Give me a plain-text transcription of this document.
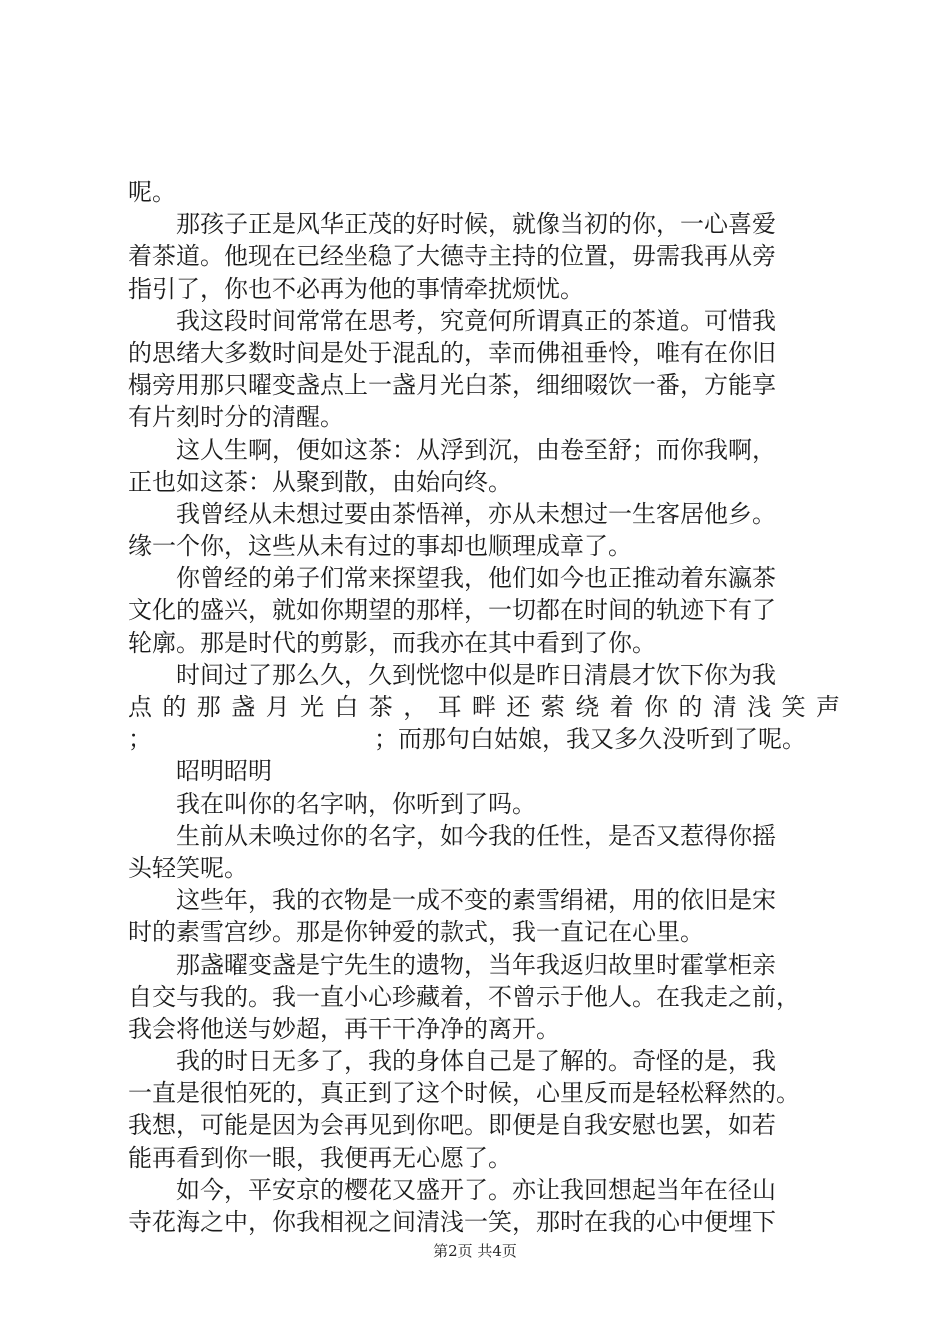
呢。
那孩子正是风华正茂的好时候，就像当初的你，一心喜爱
着茶道。他现在已经坐稳了大德寺主持的位置，毋需我再从旁
指引了，你也不必再为他的事情牵扰烦忧。
我这段时间常常在思考，究竟何所谓真正的茶道。可惜我
的思绪大多数时间是处于混乱的，幸而佛祖垂怜，唯有在你旧
榻旁用那只曜变盏点上一盏月光白茶，细细啜饮一番，方能享
有片刻时分的清醒。
这人生啊，便如这茶：从浮到沉，由卷至舒；而你我啊，
正也如这茶：从聚到散，由始向终。
我曾经从未想过要由茶悟禅，亦从未想过一生客居他乡。
缘一个你，这些从未有过的事却也顺理成章了。
你曾经的弟子们常来探望我，他们如今也正推动着东瀛茶
文化的盛兴，就如你期望的那样，一切都在时间的轨迹下有了
轮廓。那是时代的剪影，而我亦在其中看到了你。
时间过了那么久，久到恍惚中似是昨日清晨才饮下你为我
点的那盏月光白茶，耳畔还萦绕着你的清浅笑声
；	；而那句白姑娘，我又多久没听到了呢。
昭明昭明
我在叫你的名字呐，你听到了吗。
生前从未唤过你的名字，如今我的任性，是否又惹得你摇
头轻笑呢。
这些年，我的衣物是一成不变的素雪绢裙，用的依旧是宋
时的素雪宫纱。那是你钟爱的款式，我一直记在心里。
那盏曜变盏是宁先生的遗物，当年我返归故里时霍掌柜亲
自交与我的。我一直小心珍藏着，不曾示于他人。在我走之前，
我会将他送与妙超，再干干净净的离开。
我的时日无多了，我的身体自己是了解的。奇怪的是，我
一直是很怕死的，真正到了这个时候，心里反而是轻松释然的。
我想，可能是因为会再见到你吧。即便是自我安慰也罢，如若
能再看到你一眼，我便再无心愿了。
如今，平安京的樱花又盛开了。亦让我回想起当年在径山
寺花海之中，你我相视之间清浅一笑，那时在我的心中便埋下
第2页 共4页
